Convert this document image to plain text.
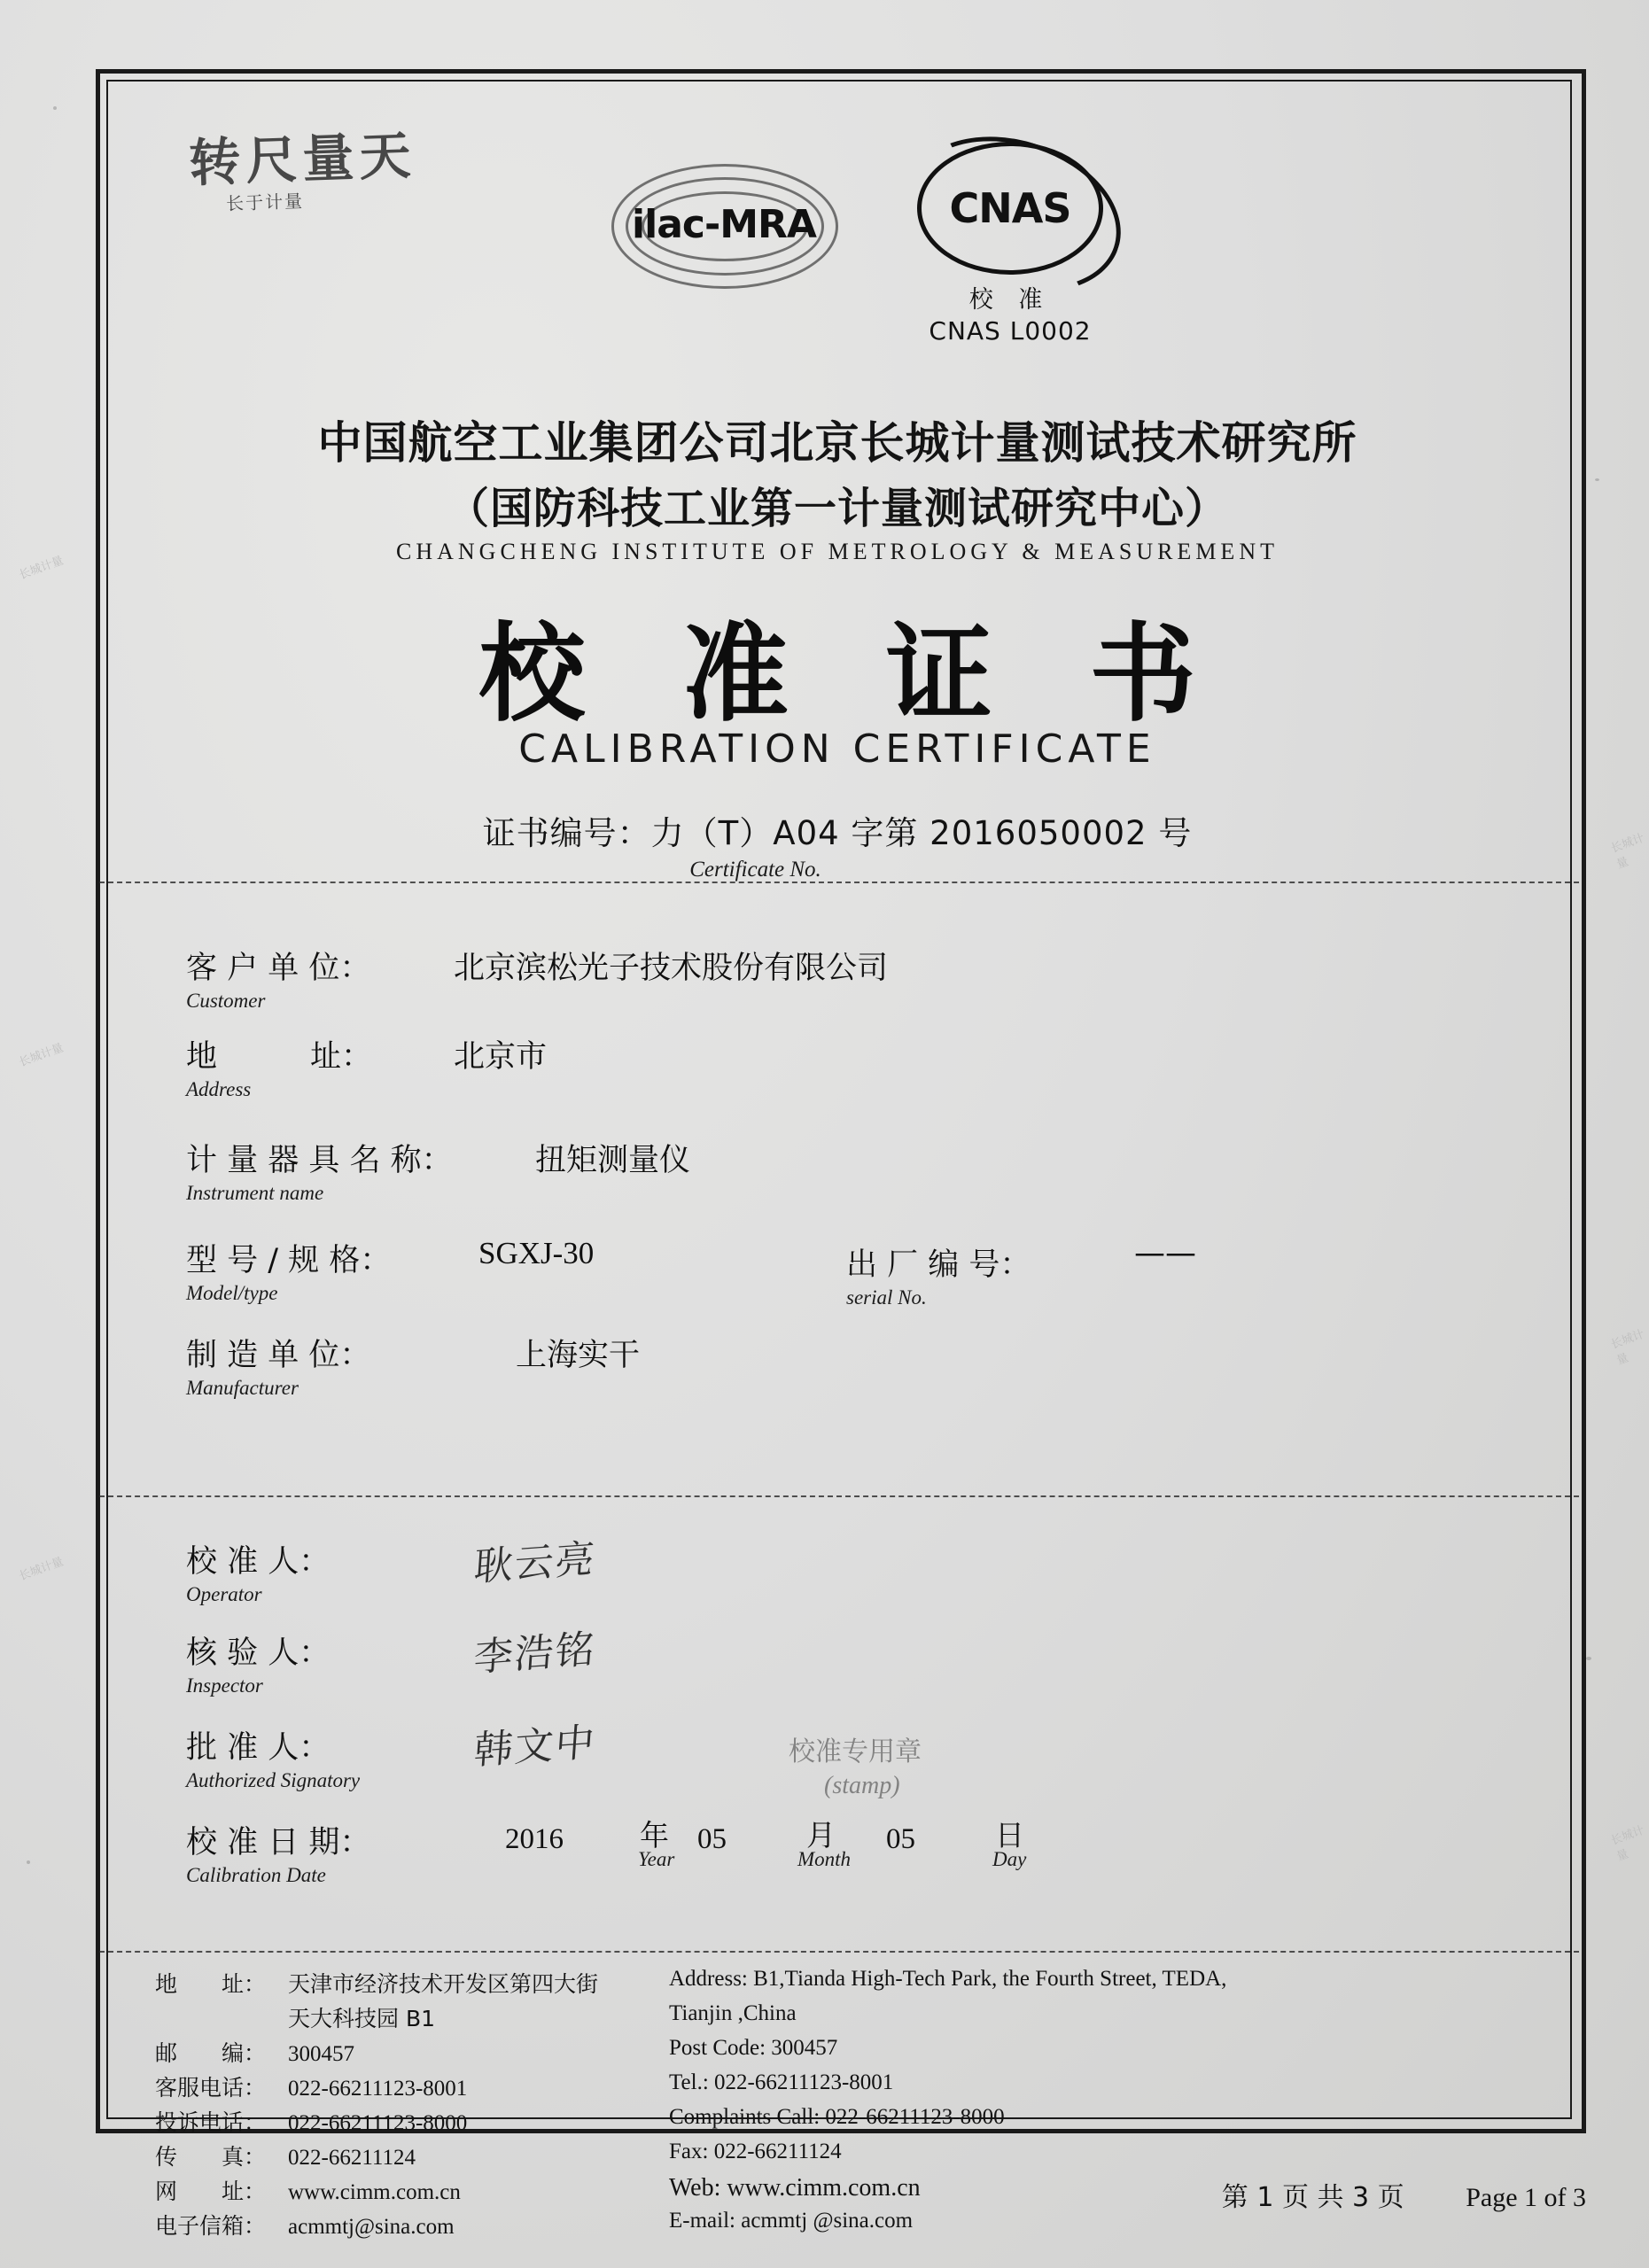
长城计量
长城计量
长城计量
长城计量
长城计量
长城计量
转尺量天
长于计量	ilac-MRA	CNAS
校 准
CNAS L0002
中国航空工业集团公司北京长城计量测试技术研究所
（国防科技工业第一计量测试研究中心）
CHANGCHENG INSTITUTE OF METROLOGY & MEASUREMENT
校 准 证 书
CALIBRATION CERTIFICATE
证书编号：力（T）A04 字第 2016050002 号
Certificate No.
客 户 单 位：
Customer
北京滨松光子技术股份有限公司
地　　　址：
Address
北京市
计 量 器 具 名 称：
Instrument name
扭矩测量仪
型 号 / 规 格：
Model/type
SGXJ-30	出 厂 编 号：
serial No.
——
制 造 单 位：
Manufacturer
上海实干
校 准 人：
Operator
耿云亮
核 验 人：
Inspector
李浩铭
批 准 人：
Authorized Signatory
韩文中	校准专用章
(stamp)
校 准 日 期：
Calibration Date
2016	年
Year
05	月
Month
05	日
Day
地　　址： 天津市经济技术开发区第四大街
天大科技园 B1
邮　　编： 300457
客服电话： 022-66211123-8001
投诉电话： 022-66211123-8000
传　　真： 022-66211124
网　　址： www.cimm.com.cn
电子信箱： acmmtj@sina.com
Address: B1,Tianda High-Tech Park, the Fourth Street, TEDA,
Tianjin ,China
Post Code: 300457
Tel.: 022-66211123-8001
Complaints Call: 022-66211123-8000
Fax: 022-66211124
Web: www.cimm.com.cn
E-mail: acmmtj @sina.com
第 1 页 共 3 页 Page 1 of 3
